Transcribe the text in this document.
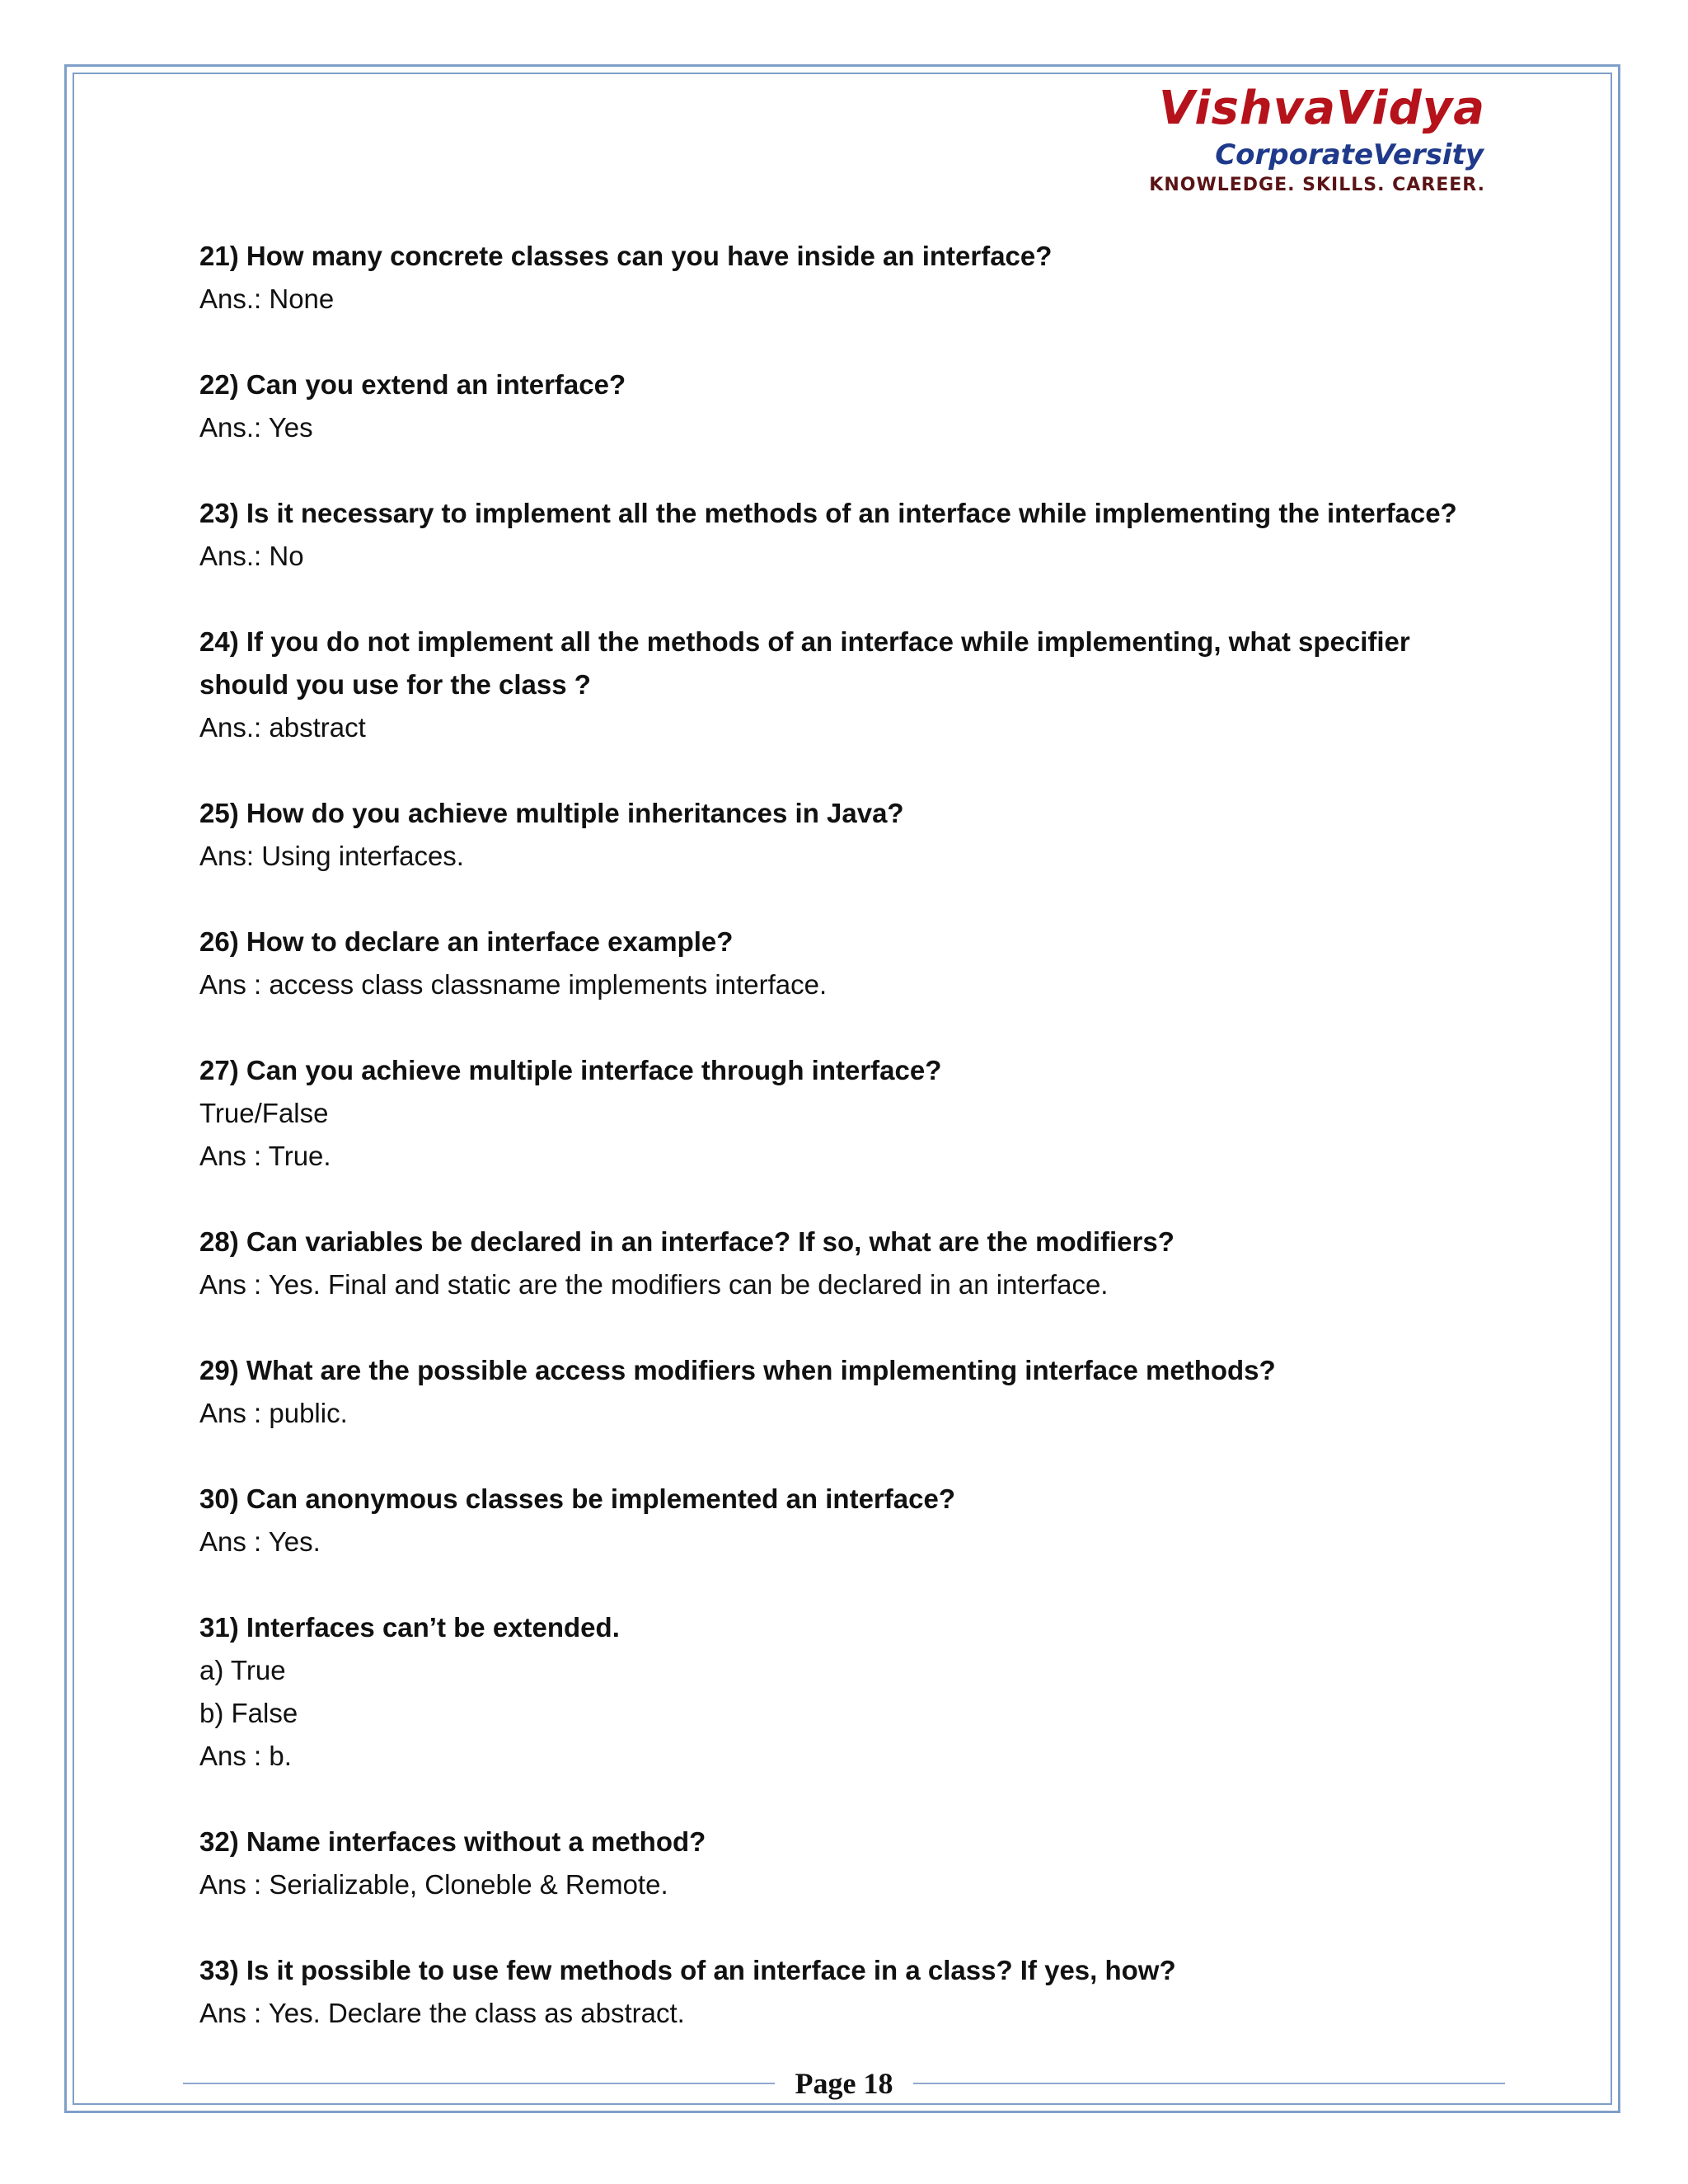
VishvaVidya
CorporateVersity
KNOWLEDGE. SKILLS. CAREER.
21) How many concrete classes can you have inside an interface?
Ans.: None
22) Can you extend an interface?
Ans.: Yes
23) Is it necessary to implement all the methods of an interface while implementing the interface?
Ans.: No
24) If you do not implement all the methods of an interface while implementing, what specifier should you use for the class ?
Ans.: abstract
25) How do you achieve multiple inheritances in Java?
Ans: Using interfaces.
26) How to declare an interface example?
Ans : access class classname implements interface.
27) Can you achieve multiple interface through interface?
True/False
Ans : True.
28) Can variables be declared in an interface? If so, what are the modifiers?
Ans : Yes. Final and static are the modifiers can be declared in an interface.
29) What are the possible access modifiers when implementing interface methods?
Ans : public.
30) Can anonymous classes be implemented an interface?
Ans : Yes.
31) Interfaces can’t be extended.
a) True
b) False
Ans : b.
32) Name interfaces without a method?
Ans : Serializable, Cloneble & Remote.
33) Is it possible to use few methods of an interface in a class? If yes, how?
Ans : Yes. Declare the class as abstract.
Page 18
